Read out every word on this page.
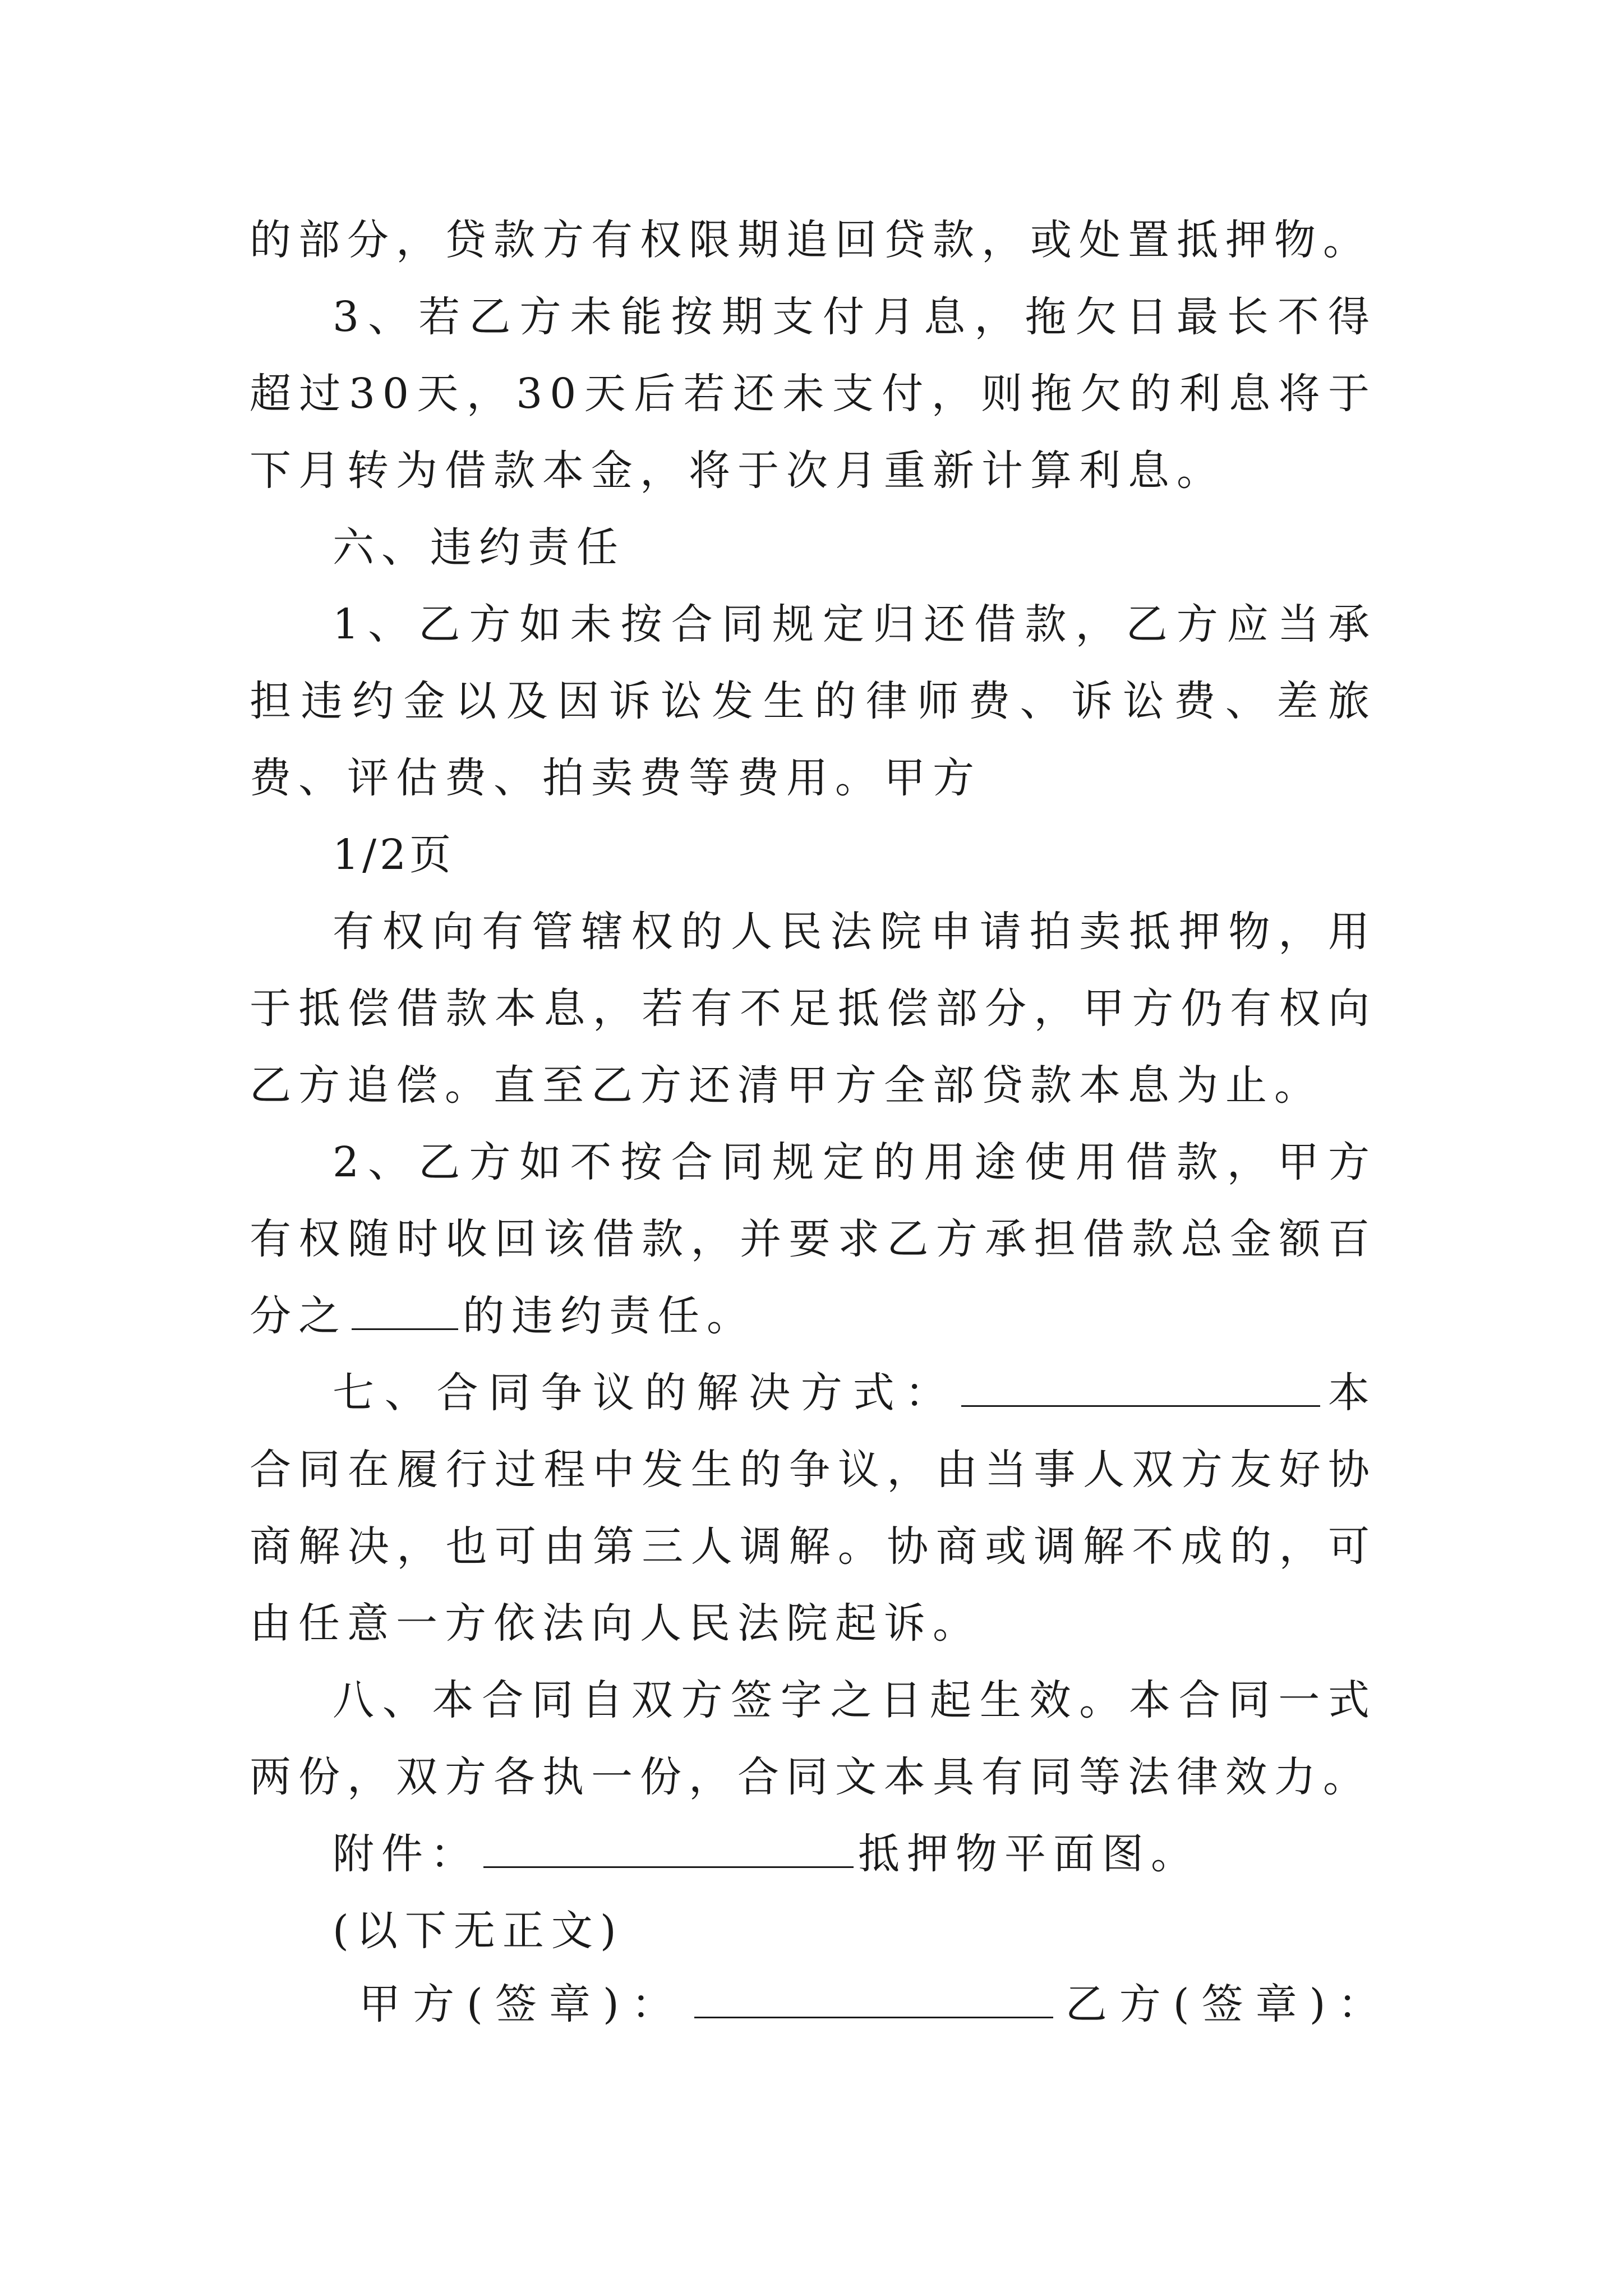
的部分，贷款方有权限期追回贷款，或处置抵押物。

3、若乙方未能按期支付月息，拖欠日最长不得超过30天，30天后若还未支付，则拖欠的利息将于下月转为借款本金，将于次月重新计算利息。

六、违约责任

1、乙方如未按合同规定归还借款，乙方应当承担违约金以及因诉讼发生的律师费、诉讼费、差旅费、评估费、拍卖费等费用。甲方

1/2页

有权向有管辖权的人民法院申请拍卖抵押物，用于抵偿借款本息，若有不足抵偿部分，甲方仍有权向乙方追偿。直至乙方还清甲方全部贷款本息为止。

2、乙方如不按合同规定的用途使用借款，甲方有权随时收回该借款，并要求乙方承担借款总金额百分之	的违约责任。

七、合同争议的解决方式：	本合同在履行过程中发生的争议，由当事人双方友好协商解决，也可由第三人调解。协商或调解不成的，可由任意一方依法向人民法院起诉。

八、本合同自双方签字之日起生效。本合同一式两份，双方各执一份，合同文本具有同等法律效力。

附件：	抵押物平面图。

(以下无正文)

甲方(签章)：	乙方(签章)：
